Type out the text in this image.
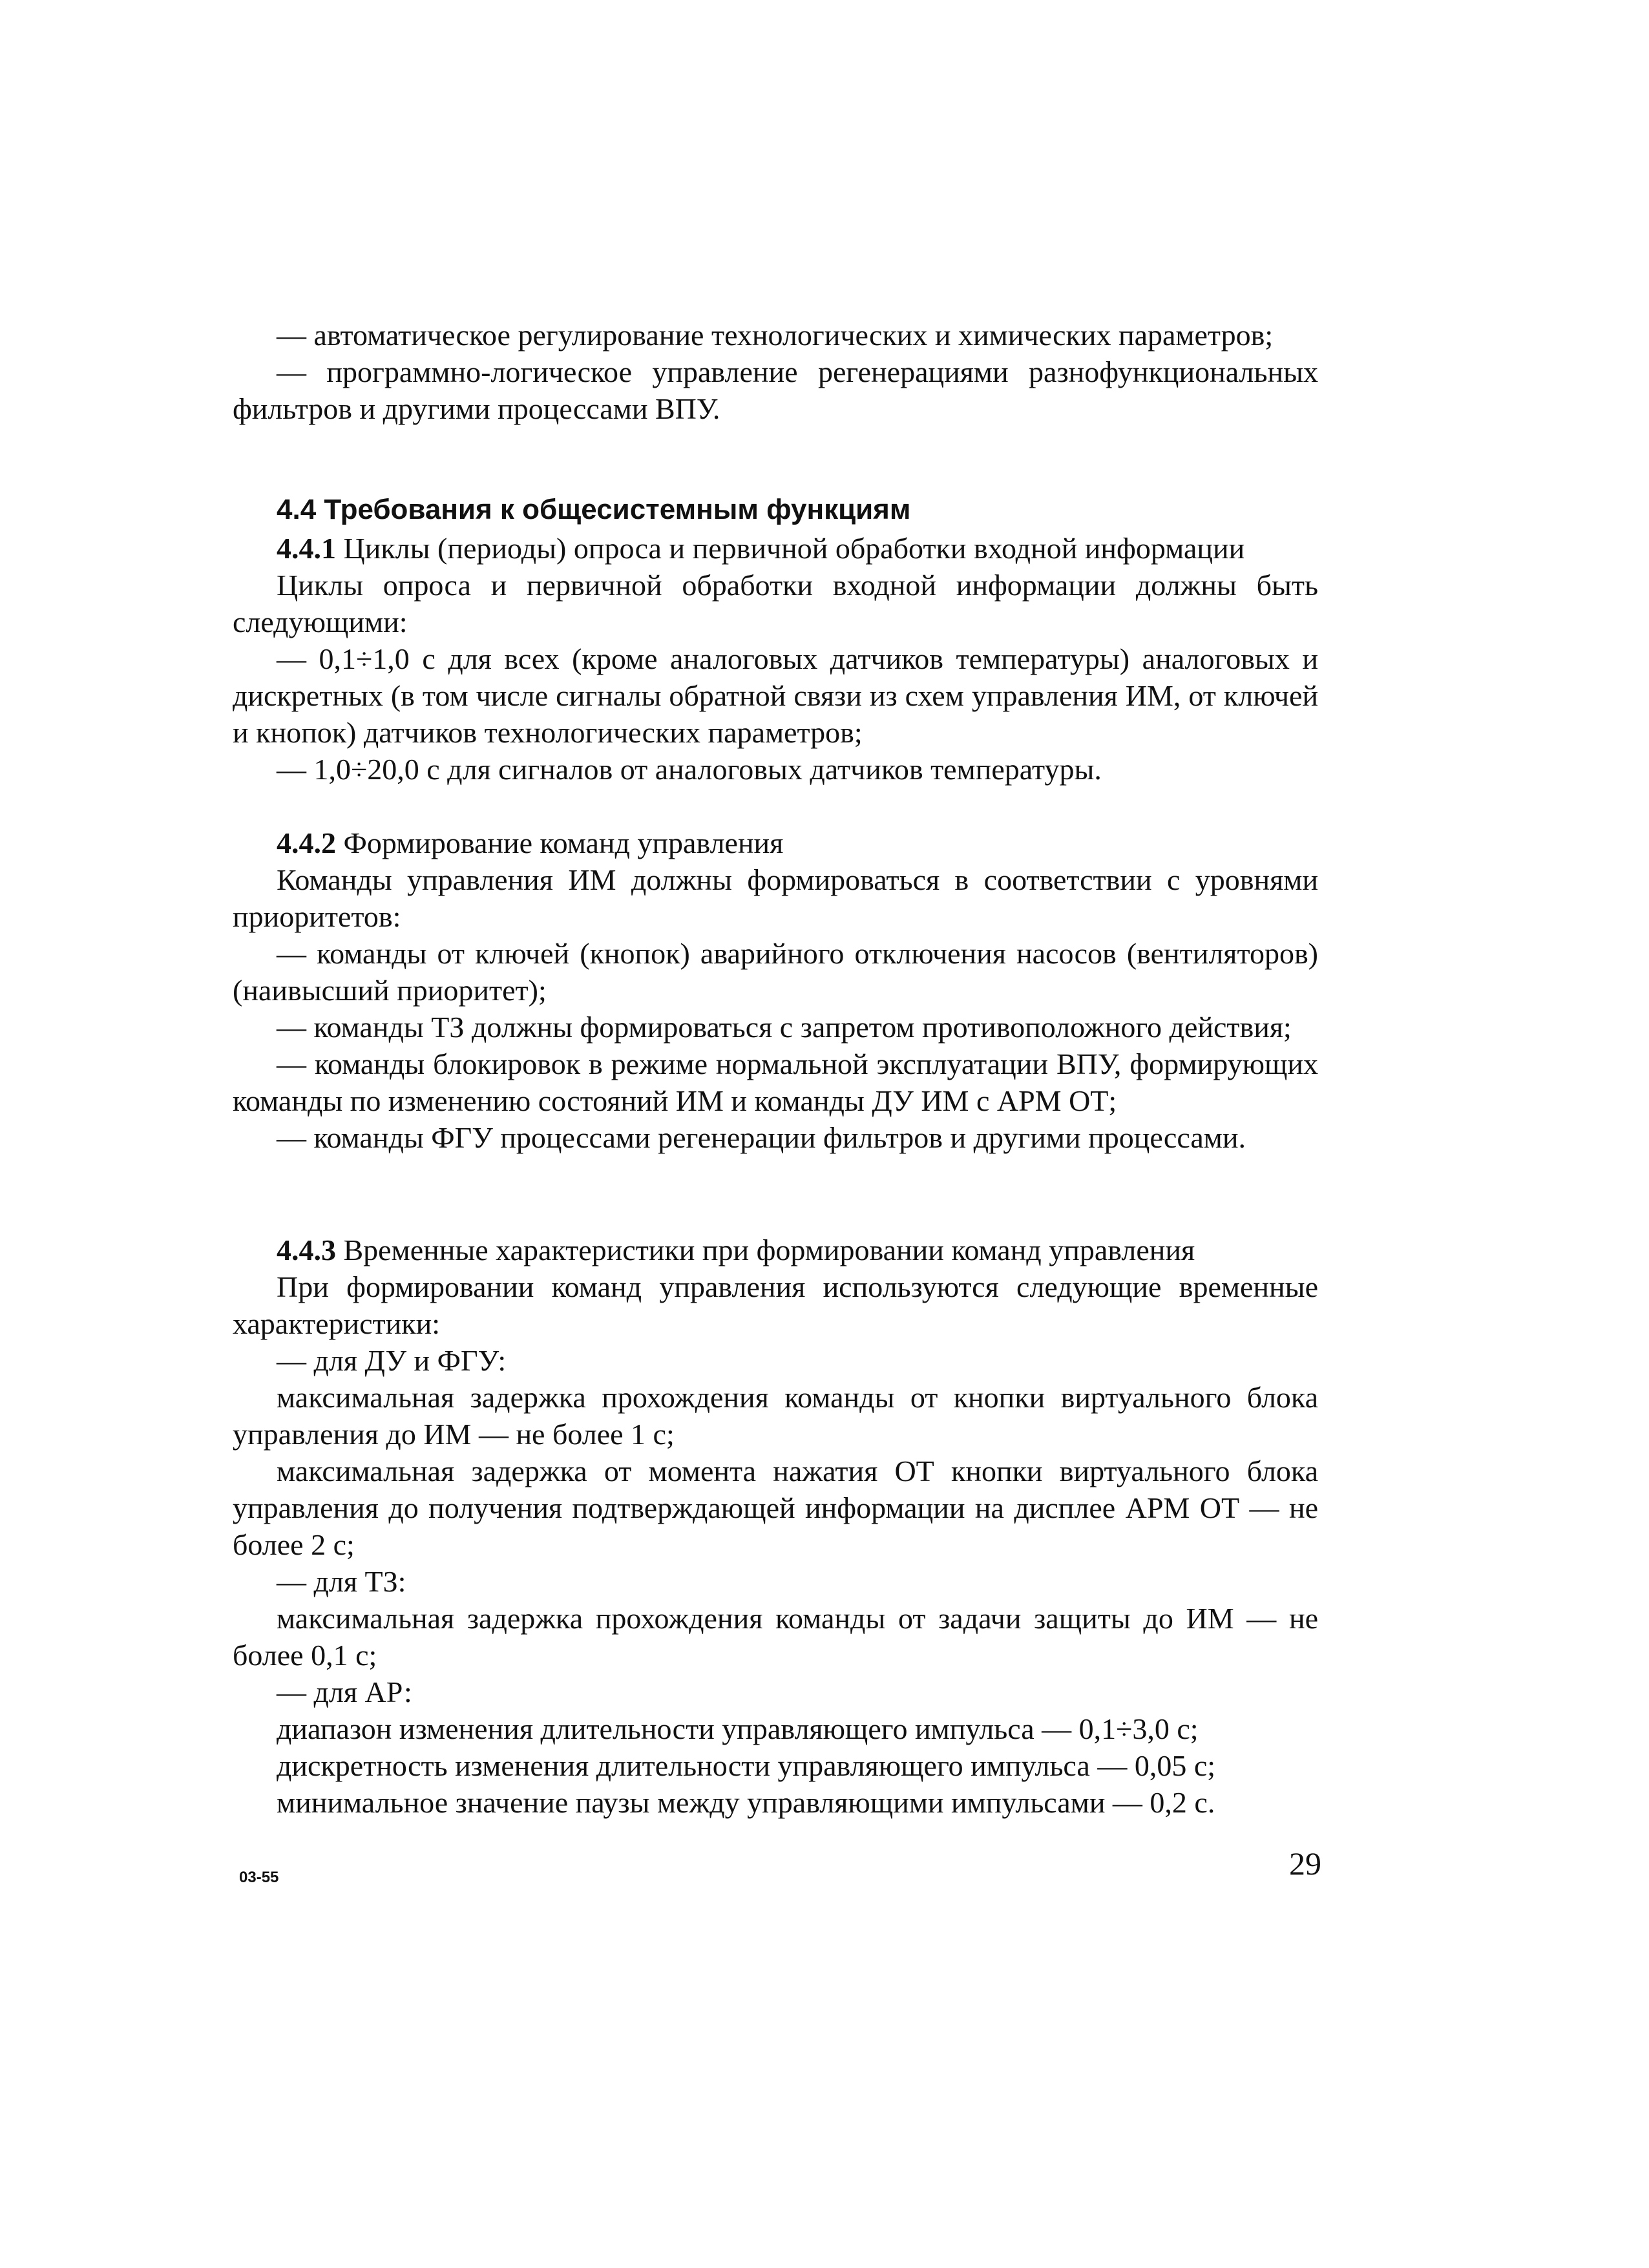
— автоматическое регулирование технологических и химических параметров;

— программно-логическое управление регенерациями разнофункциональных фильтров и другими процессами ВПУ.

4.4 Требования к общесистемным функциям

4.4.1 Циклы (периоды) опроса и первичной обработки входной информации

Циклы опроса и первичной обработки входной информации должны быть следующими:

— 0,1÷1,0 с для всех (кроме аналоговых датчиков температуры) аналоговых и дискретных (в том числе сигналы обратной связи из схем управления ИМ, от ключей и кнопок) датчиков технологических параметров;

— 1,0÷20,0 с для сигналов от аналоговых датчиков температуры.

4.4.2 Формирование команд управления

Команды управления ИМ должны формироваться в соответствии с уровнями приоритетов:

— команды от ключей (кнопок) аварийного отключения насосов (вентиляторов) (наивысший приоритет);

— команды ТЗ должны формироваться с запретом противоположного действия;

— команды блокировок в режиме нормальной эксплуатации ВПУ, формирующих команды по изменению состояний ИМ и команды ДУ ИМ с АРМ ОТ;

— команды ФГУ процессами регенерации фильтров и другими процессами.

4.4.3 Временные характеристики при формировании команд управления

При формировании команд управления используются следующие временные характеристики:

— для ДУ и ФГУ:

максимальная задержка прохождения команды от кнопки виртуального блока управления до ИМ — не более 1 с;

максимальная задержка от момента нажатия ОТ кнопки виртуального блока управления до получения подтверждающей информации на дисплее АРМ ОТ — не более 2 с;

— для ТЗ:

максимальная задержка прохождения команды от задачи защиты до ИМ — не более 0,1 с;

— для АР:

диапазон изменения длительности управляющего импульса — 0,1÷3,0 с;

дискретность изменения длительности управляющего импульса — 0,05 с;

минимальное значение паузы между управляющими импульсами — 0,2 с.

03-55	29
